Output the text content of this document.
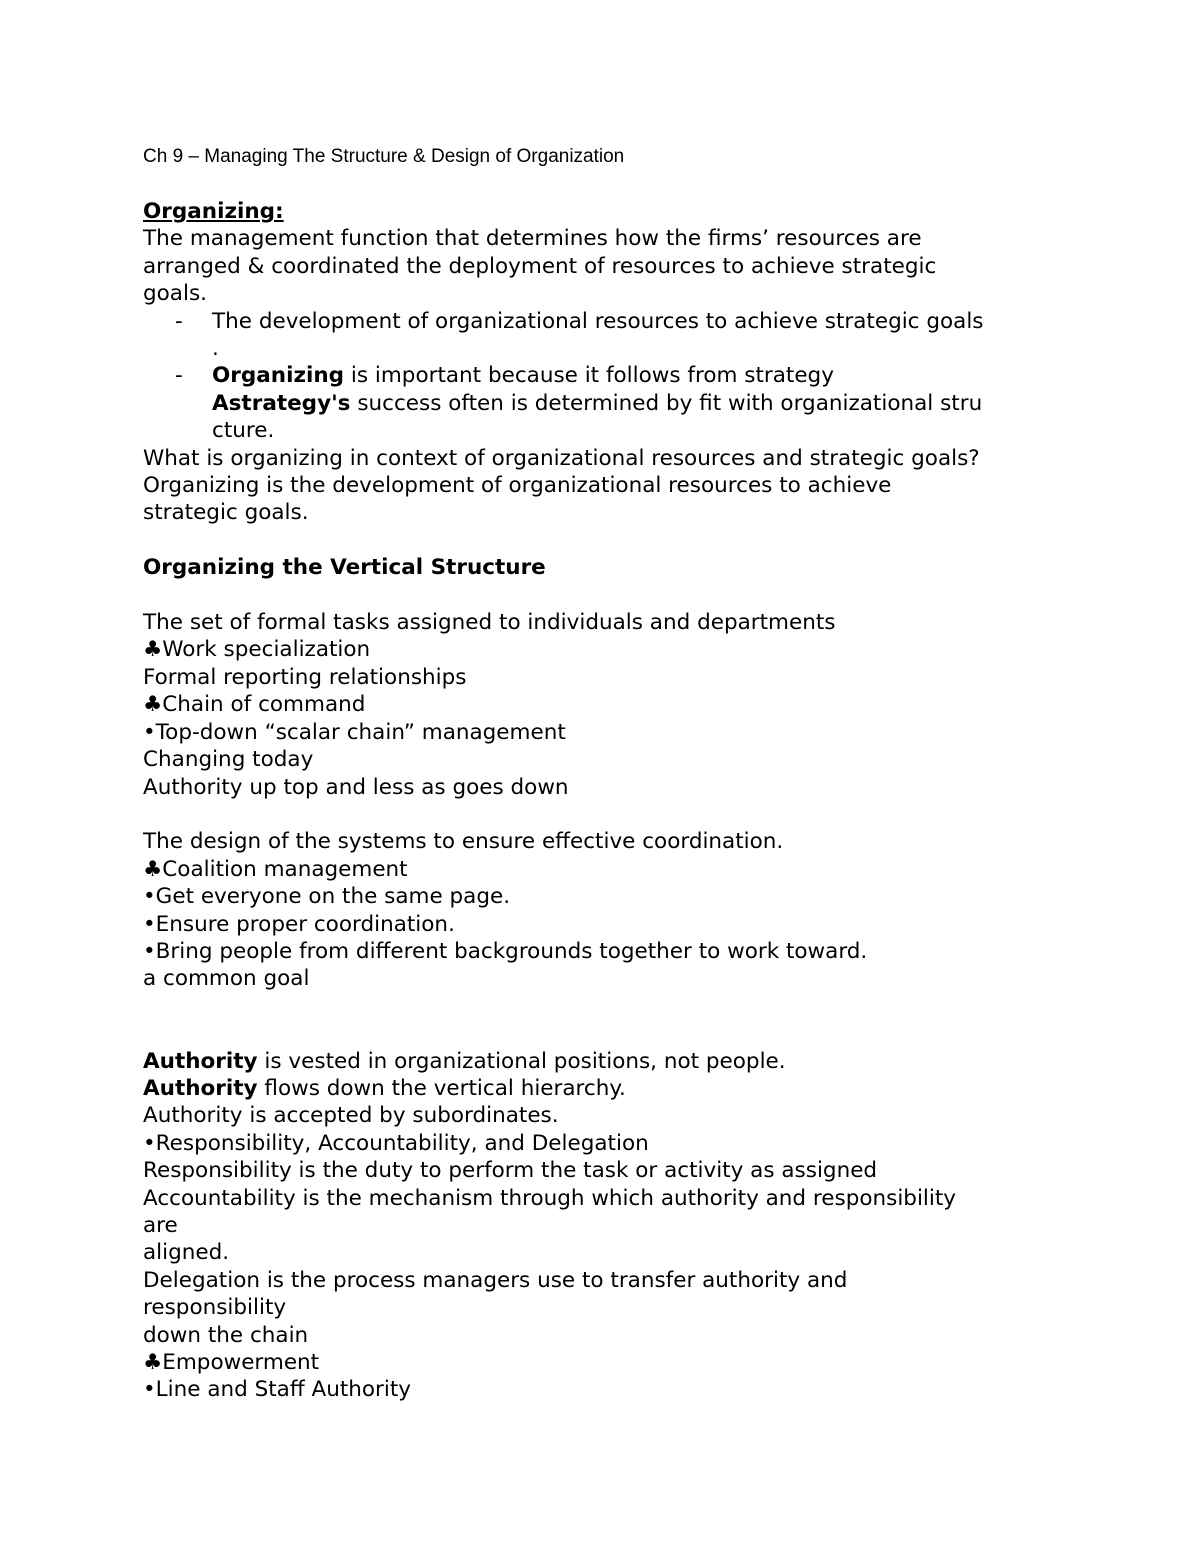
Ch 9 – Managing The Structure & Design of Organization
Organizing:
The management function that determines how the firms’ resources are
arranged & coordinated the deployment of resources to achieve strategic
goals.
- The development of organizational resources to achieve strategic goals
.
- Organizing is important because it follows from strategy
Astrategy's success often is determined by fit with organizational stru
cture.
What is organizing in context of organizational resources and strategic goals?
Organizing is the development of organizational resources to achieve
strategic goals.
Organizing the Vertical Structure
The set of formal tasks assigned to individuals and departments
♣Work specialization
Formal reporting relationships
♣Chain of command
•Top-down “scalar chain” management
Changing today
Authority up top and less as goes down
The design of the systems to ensure effective coordination.
♣Coalition management
•Get everyone on the same page.
•Ensure proper coordination.
•Bring people from different backgrounds together to work toward.
a common goal
Authority is vested in organizational positions, not people.
Authority flows down the vertical hierarchy.
Authority is accepted by subordinates.
•Responsibility, Accountability, and Delegation
Responsibility is the duty to perform the task or activity as assigned
Accountability is the mechanism through which authority and responsibility
are
aligned.
Delegation is the process managers use to transfer authority and
responsibility
down the chain
♣Empowerment
•Line and Staff Authority
